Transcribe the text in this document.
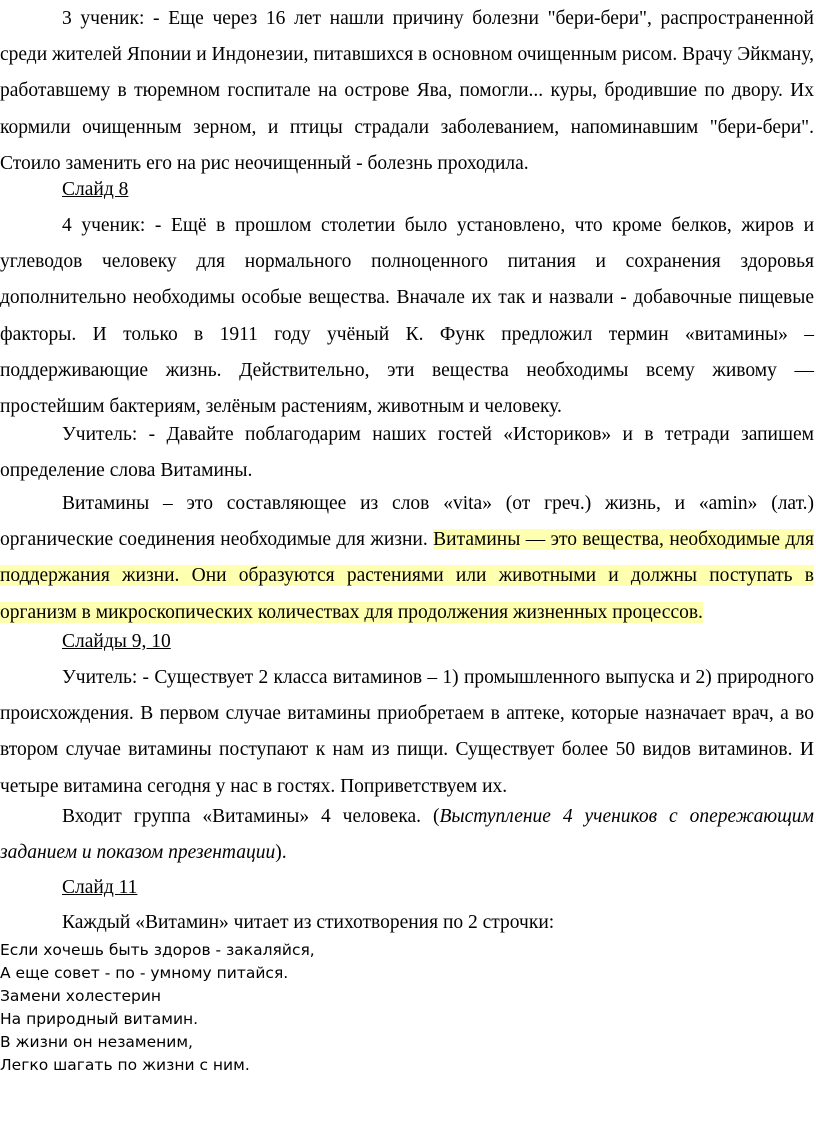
3 ученик: - Еще через 16 лет нашли причину болезни "бери-бери", распространенной среди жителей Японии и Индонезии, питавшихся в основном очищенным рисом. Врачу Эйкману, работавшему в тюремном госпитале на острове Ява, помогли... куры, бродившие по двору. Их кормили очищенным зерном, и птицы страдали заболеванием, напоминавшим "бери-бери". Стоило заменить его на рис неочищенный - болезнь проходила.

Слайд 8

4 ученик: - Ещё в прошлом столетии было установлено, что кроме белков, жиров и углеводов человеку для нормального полноценного питания и сохранения здоровья дополнительно необходимы особые вещества. Вначале их так и назвали - добавочные пищевые факторы. И только в 1911 году учёный К. Функ предложил термин «витамины» – поддерживающие жизнь. Действительно, эти вещества необходимы всему живому — простейшим бактериям, зелёным растениям, животным и человеку.

Учитель: - Давайте поблагодарим наших гостей «Историков» и в тетради запишем определение слова Витамины.

Витамины – это составляющее из слов «vita» (от греч.) жизнь, и «amin» (лат.) органические соединения необходимые для жизни. Витамины — это вещества, необходимые для поддержания жизни. Они образуются растениями или животными и должны поступать в организм в микроскопических количествах для продолжения жизненных процессов.

Слайды 9, 10

Учитель: - Существует 2 класса витаминов – 1) промышленного выпуска и 2) природного происхождения. В первом случае витамины приобретаем в аптеке, которые назначает врач, а во втором случае витамины поступают к нам из пищи. Существует более 50 видов витаминов. И четыре витамина сегодня у нас в гостях. Поприветствуем их.

Входит группа «Витамины» 4 человека. (Выступление 4 учеников с опережающим заданием и показом презентации).

Слайд 11

Каждый «Витамин» читает из стихотворения по 2 строчки:

Если хочешь быть здоров - закаляйся,
А еще совет - по - умному питайся.
Замени холестерин
На природный витамин.
В жизни он незаменим,
Легко шагать по жизни с ним.
